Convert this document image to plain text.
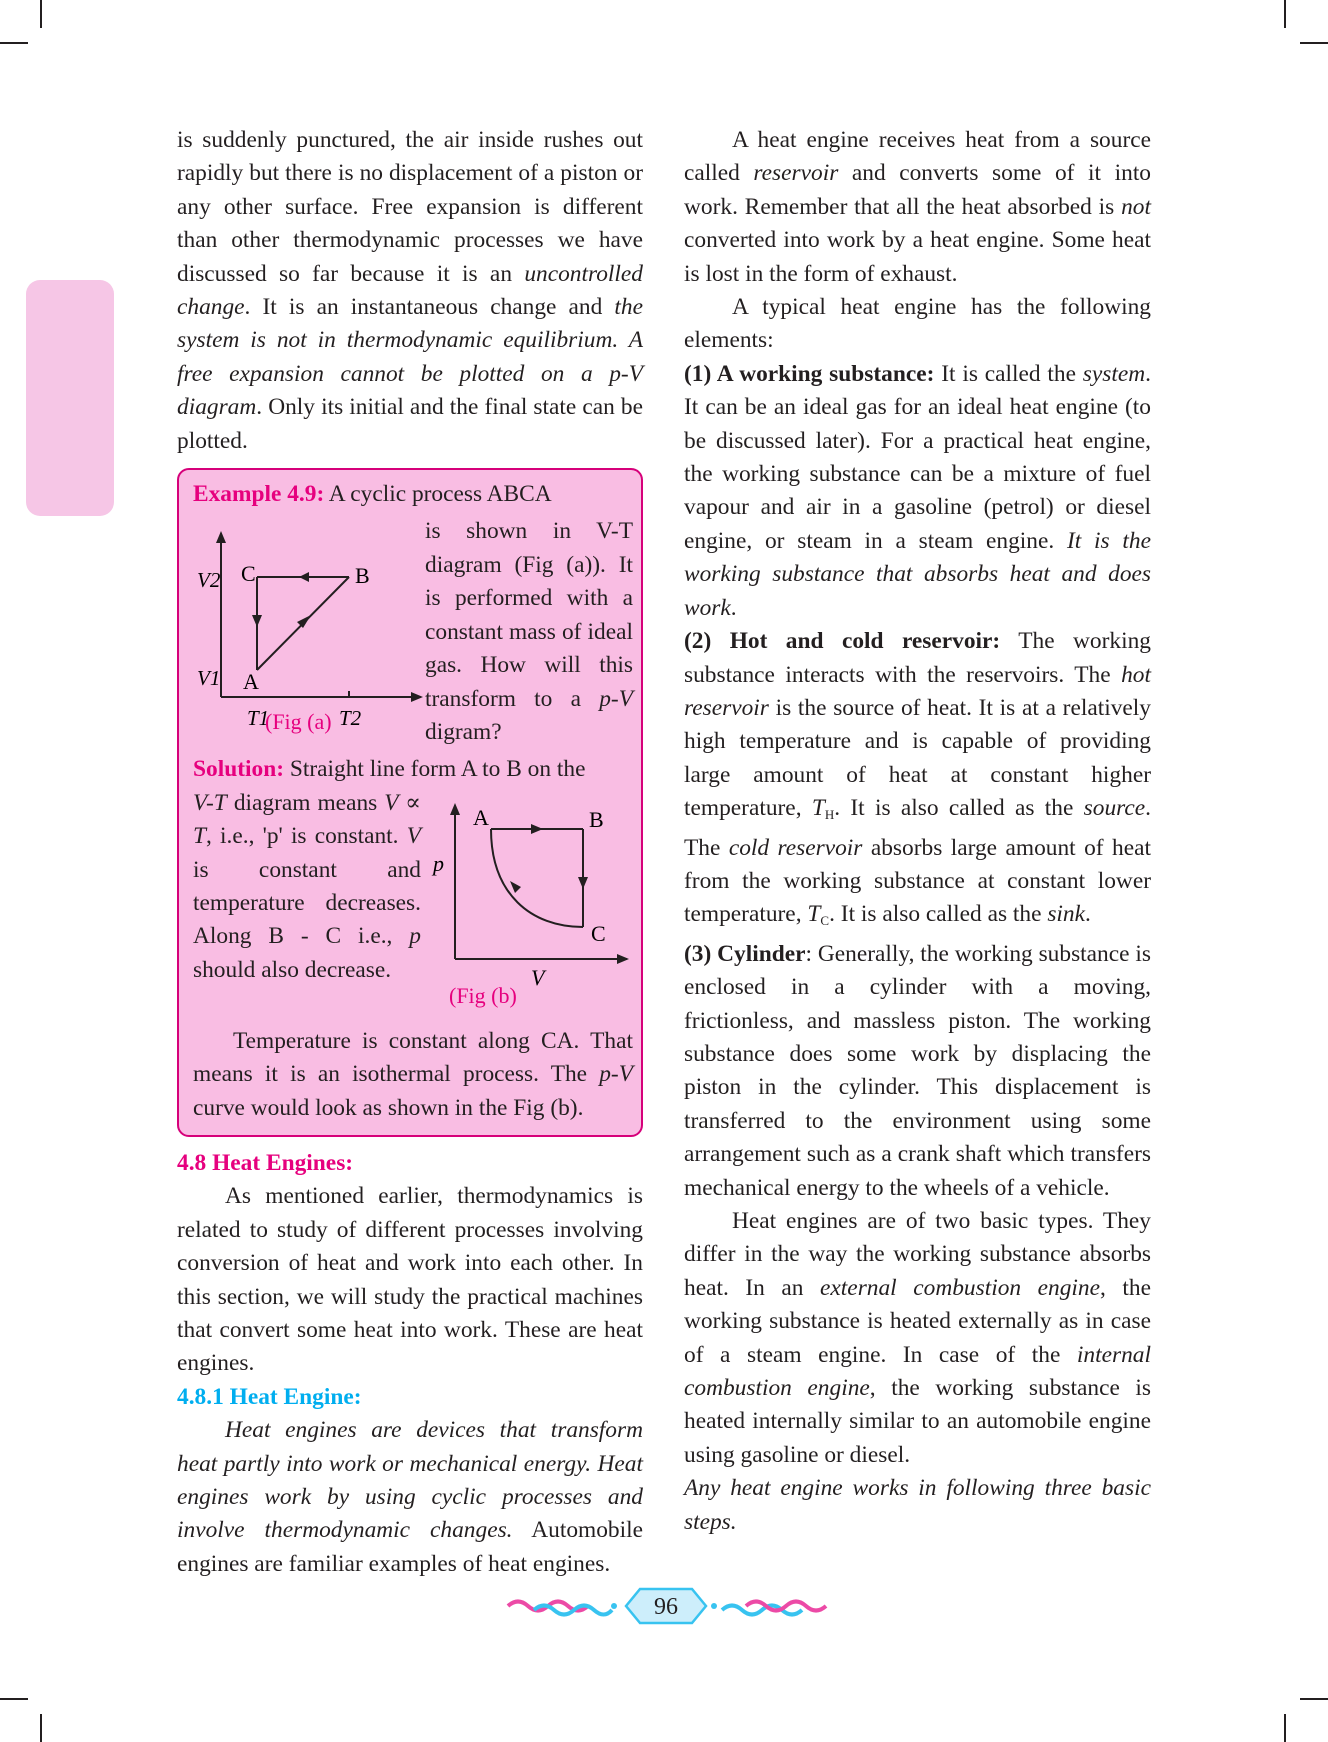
is suddenly punctured, the air inside rushes out rapidly but there is no displacement of a piston or any other surface. Free expansion is different than other thermodynamic processes we have discussed so far because it is an uncontrolled change. It is an instantaneous change and the system is not in thermodynamic equilibrium. A free expansion cannot be plotted on a p-V diagram. Only its initial and the final state can be plotted.

Example 4.9: A cyclic process ABCA

C	B
A
V2
V1
T1	T2
(Fig (a)

is shown in V-T diagram (Fig (a)). It is performed with a constant mass of ideal gas. How will this transform to a p-V digram?

Solution: Straight line form A to B on the

A	B
C
p
V
(Fig (b)

V-T diagram means V ∝ T, i.e., 'p' is constant. V is constant and temperature decreases. Along B - C i.e., p should also decrease.

Temperature is constant along CA. That means it is an isothermal process. The p-V curve would look as shown in the Fig (b).

4.8 Heat Engines:

As mentioned earlier, thermodynamics is related to study of different processes involving conversion of heat and work into each other. In this section, we will study the practical machines that convert some heat into work. These are heat engines.

4.8.1 Heat Engine:

Heat engines are devices that transform heat partly into work or mechanical energy. Heat engines work by using cyclic processes and involve thermodynamic changes. Automobile engines are familiar examples of heat engines.

A heat engine receives heat from a source called reservoir and converts some of it into work. Remember that all the heat absorbed is not converted into work by a heat engine. Some heat is lost in the form of exhaust.

A typical heat engine has the following elements:

(1) A working substance: It is called the system. It can be an ideal gas for an ideal heat engine (to be discussed later). For a practical heat engine, the working substance can be a mixture of fuel vapour and air in a gasoline (petrol) or diesel engine, or steam in a steam engine. It is the working substance that absorbs heat and does work.

(2) Hot and cold reservoir: The working substance interacts with the reservoirs. The hot reservoir is the source of heat. It is at a relatively high temperature and is capable of providing large amount of heat at constant higher temperature, $T_H$. It is also called as the source. The cold reservoir absorbs large amount of heat from the working substance at constant lower temperature, $T_C$. It is also called as the sink.

(3) Cylinder: Generally, the working substance is enclosed in a cylinder with a moving, frictionless, and massless piston. The working substance does some work by displacing the piston in the cylinder. This displacement is transferred to the environment using some arrangement such as a crank shaft which transfers mechanical energy to the wheels of a vehicle.

Heat engines are of two basic types. They differ in the way the working substance absorbs heat. In an external combustion engine, the working substance is heated externally as in case of a steam engine. In case of the internal combustion engine, the working substance is heated internally similar to an automobile engine using gasoline or diesel.

Any heat engine works in following three basic steps.

96
